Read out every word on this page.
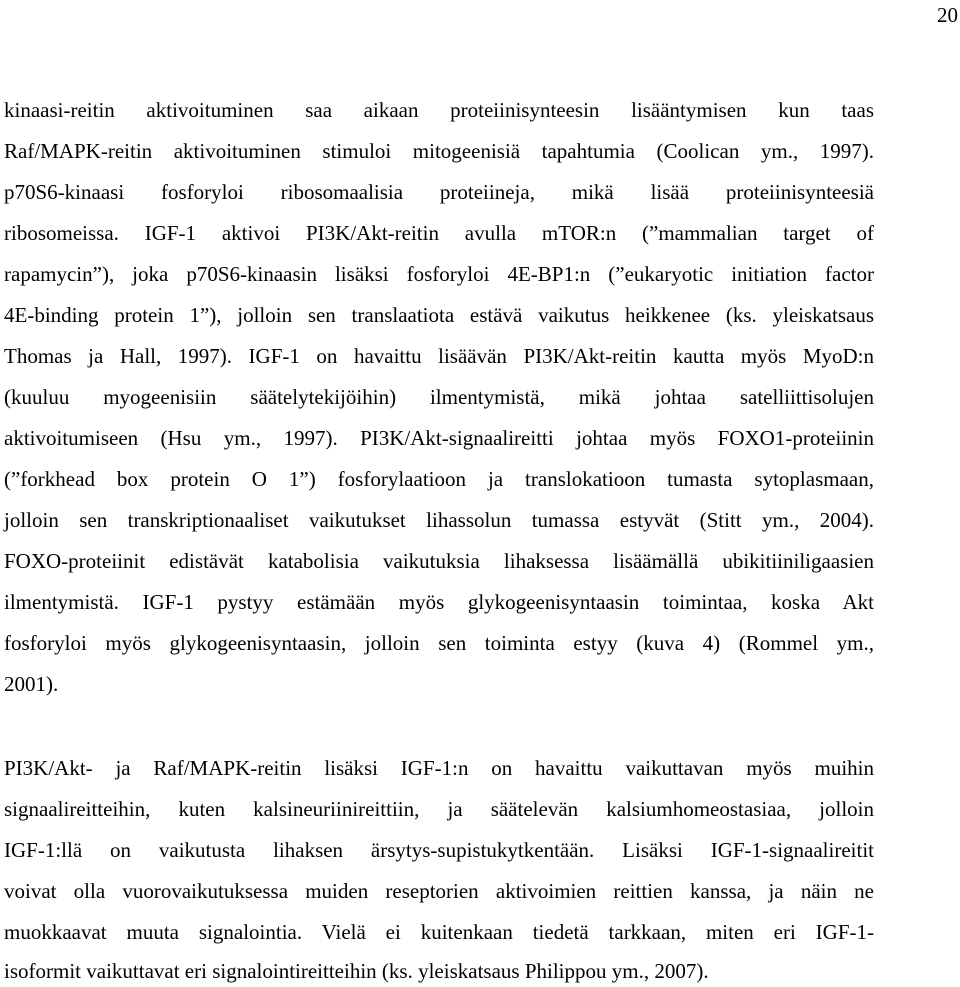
20
kinaasi-reitin aktivoituminen saa aikaan proteiinisynteesin lisääntymisen kun taas
Raf/MAPK-reitin aktivoituminen stimuloi mitogeenisiä tapahtumia (Coolican ym., 1997).
p70S6-kinaasi fosforyloi ribosomaalisia proteiineja, mikä lisää proteiinisynteesiä
ribosomeissa. IGF-1 aktivoi PI3K/Akt-reitin avulla mTOR:n (”mammalian target of
rapamycin”), joka p70S6-kinaasin lisäksi fosforyloi 4E-BP1:n (”eukaryotic initiation factor
4E-binding protein 1”), jolloin sen translaatiota estävä vaikutus heikkenee (ks. yleiskatsaus
Thomas ja Hall, 1997). IGF-1 on havaittu lisäävän PI3K/Akt-reitin kautta myös MyoD:n
(kuuluu myogeenisiin säätelytekijöihin) ilmentymistä, mikä johtaa satelliittisolujen
aktivoitumiseen (Hsu ym., 1997). PI3K/Akt-signaalireitti johtaa myös FOXO1-proteiinin
(”forkhead box protein O 1”) fosforylaatioon ja translokatioon tumasta sytoplasmaan,
jolloin sen transkriptionaaliset vaikutukset lihassolun tumassa estyvät (Stitt ym., 2004).
FOXO-proteiinit edistävät katabolisia vaikutuksia lihaksessa lisäämällä ubikitiiniligaasien
ilmentymistä. IGF-1 pystyy estämään myös glykogeenisyntaasin toimintaa, koska Akt
fosforyloi myös glykogeenisyntaasin, jolloin sen toiminta estyy (kuva 4) (Rommel ym.,
2001).
PI3K/Akt- ja Raf/MAPK-reitin lisäksi IGF-1:n on havaittu vaikuttavan myös muihin
signaalireitteihin, kuten kalsineuriinireittiin, ja säätelevän kalsiumhomeostasiaa, jolloin
IGF-1:llä on vaikutusta lihaksen ärsytys-supistukytkentään. Lisäksi IGF-1-signaalireitit
voivat olla vuorovaikutuksessa muiden reseptorien aktivoimien reittien kanssa, ja näin ne
muokkaavat muuta signalointia. Vielä ei kuitenkaan tiedetä tarkkaan, miten eri IGF-1-
isoformit vaikuttavat eri signalointireitteihin (ks. yleiskatsaus Philippou ym., 2007).
